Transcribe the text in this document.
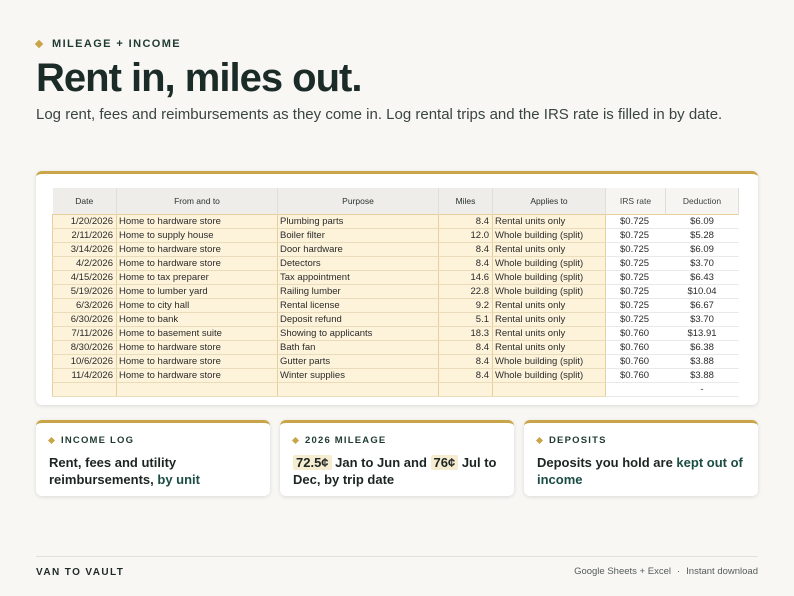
MILEAGE + INCOME
Rent in, miles out.
Log rent, fees and reimbursements as they come in. Log rental trips and the IRS rate is filled in by date.
Date	From and to	Purpose	Miles	Applies to	IRS rate	Deduction
1/20/2026	Home to hardware store	Plumbing parts	8.4	Rental units only	$0.725	$6.09
2/11/2026	Home to supply house	Boiler filter	12.0	Whole building (split)	$0.725	$5.28
3/14/2026	Home to hardware store	Door hardware	8.4	Rental units only	$0.725	$6.09
4/2/2026	Home to hardware store	Detectors	8.4	Whole building (split)	$0.725	$3.70
4/15/2026	Home to tax preparer	Tax appointment	14.6	Whole building (split)	$0.725	$6.43
5/19/2026	Home to lumber yard	Railing lumber	22.8	Whole building (split)	$0.725	$10.04
6/3/2026	Home to city hall	Rental license	9.2	Rental units only	$0.725	$6.67
6/30/2026	Home to bank	Deposit refund	5.1	Rental units only	$0.725	$3.70
7/11/2026	Home to basement suite	Showing to applicants	18.3	Rental units only	$0.760	$13.91
8/30/2026	Home to hardware store	Bath fan	8.4	Rental units only	$0.760	$6.38
10/6/2026	Home to hardware store	Gutter parts	8.4	Whole building (split)	$0.760	$3.88
11/4/2026	Home to hardware store	Winter supplies	8.4	Whole building (split)	$0.760	$3.88
						-
INCOME LOG
Rent, fees and utility reimbursements, by unit
2026 MILEAGE
72.5¢ Jan to Jun and 76¢ Jul to Dec, by trip date
DEPOSITS
Deposits you hold are kept out of income
VAN TO VAULT	Google Sheets + Excel · Instant download
